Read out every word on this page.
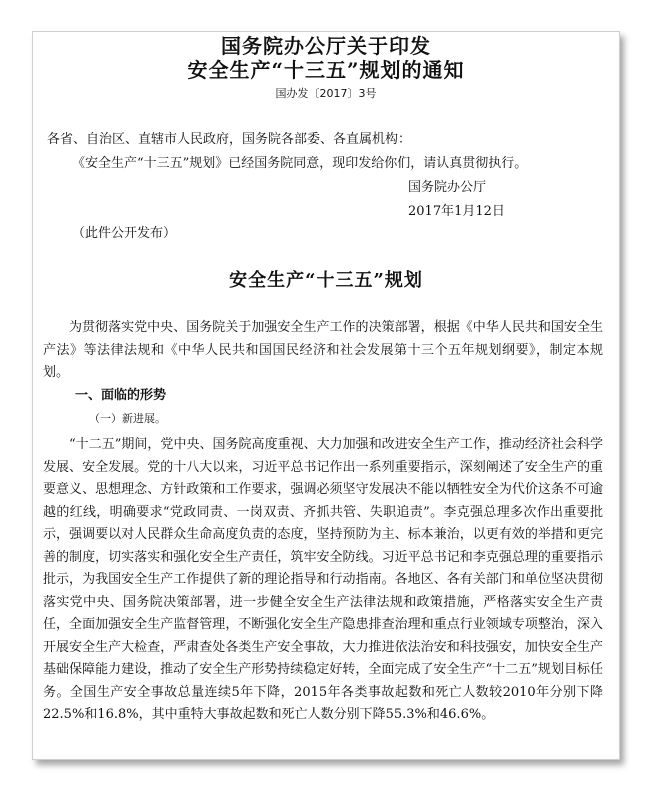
国务院办公厅关于印发
安全生产“十三五”规划的通知
国办发〔2017〕3号
各省、自治区、直辖市人民政府，国务院各部委、各直属机构：
《安全生产“十三五”规划》已经国务院同意，现印发给你们，请认真贯彻执行。
国务院办公厅
2017年1月12日
（此件公开发布）
安全生产“十三五”规划

为贯彻落实党中央、国务院关于加强安全生产工作的决策部署，根据《中华人民共和国安全生产法》等法律法规和《中华人民共和国国民经济和社会发展第十三个五年规划纲要》，制定本规划。

一、面临的形势
（一）新进展。

“十二五”期间，党中央、国务院高度重视、大力加强和改进安全生产工作，推动经济社会科学发展、安全发展。党的十八大以来，习近平总书记作出一系列重要指示，深刻阐述了安全生产的重要意义、思想理念、方针政策和工作要求，强调必须坚守发展决不能以牺牲安全为代价这条不可逾越的红线，明确要求“党政同责、一岗双责、齐抓共管、失职追责”。李克强总理多次作出重要批示，强调要以对人民群众生命高度负责的态度，坚持预防为主、标本兼治，以更有效的举措和更完善的制度，切实落实和强化安全生产责任，筑牢安全防线。习近平总书记和李克强总理的重要指示批示，为我国安全生产工作提供了新的理论指导和行动指南。各地区、各有关部门和单位坚决贯彻落实党中央、国务院决策部署，进一步健全安全生产法律法规和政策措施，严格落实安全生产责任，全面加强安全生产监督管理，不断强化安全生产隐患排查治理和重点行业领域专项整治，深入开展安全生产大检查，严肃查处各类生产安全事故，大力推进依法治安和科技强安，加快安全生产基础保障能力建设，推动了安全生产形势持续稳定好转，全面完成了安全生产“十二五”规划目标任务。全国生产安全事故总量连续5年下降，2015年各类事故起数和死亡人数较2010年分别下降22.5%和16.8%，其中重特大事故起数和死亡人数分别下降55.3%和46.6%。
